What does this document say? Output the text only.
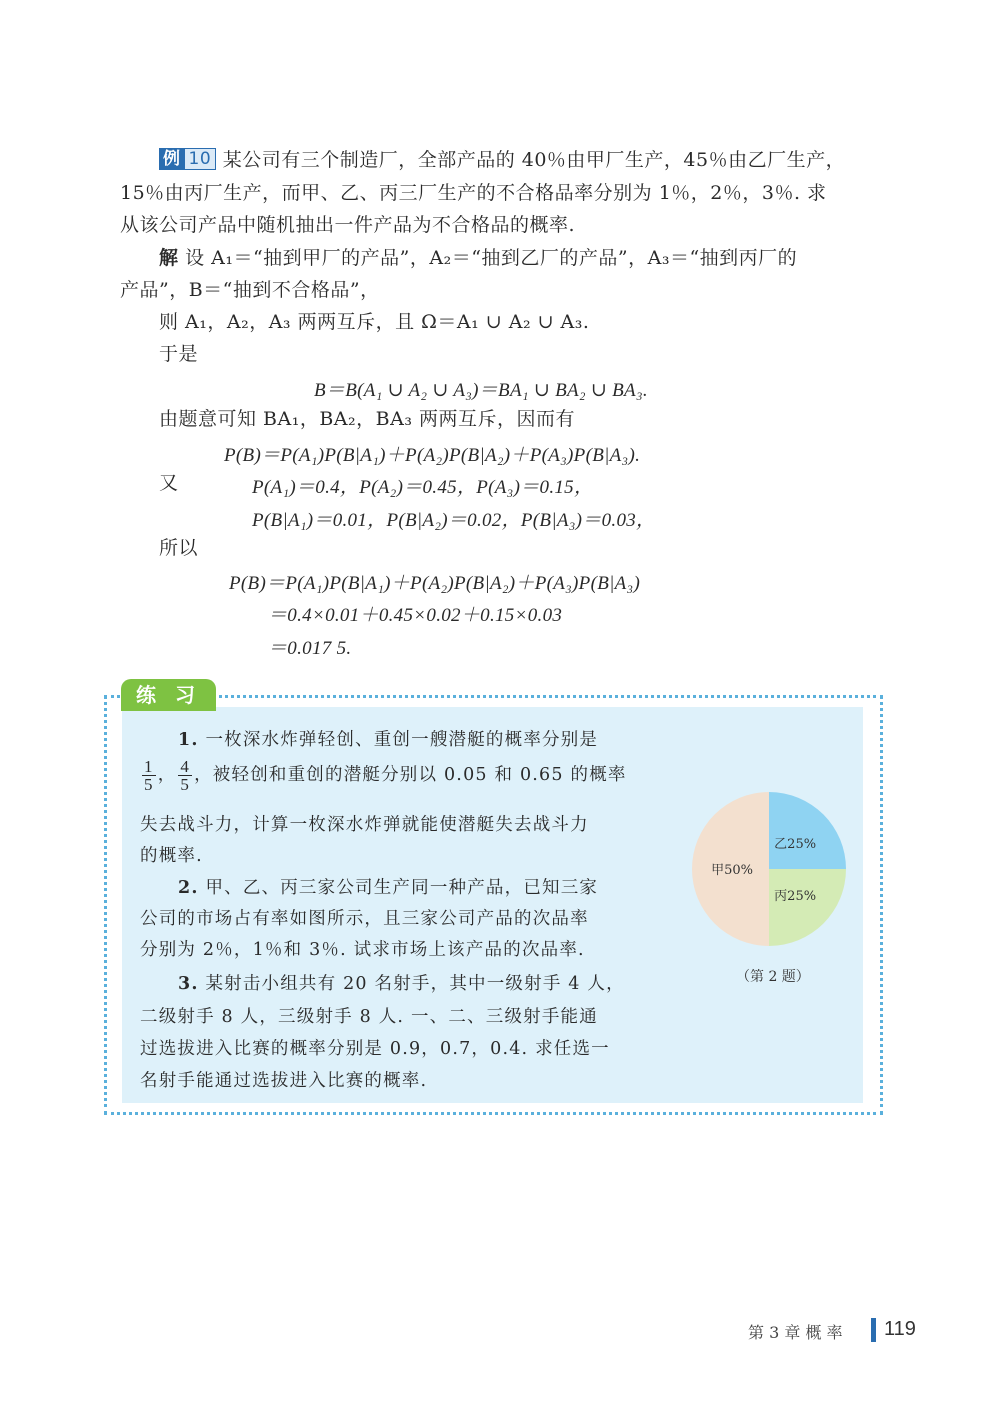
例 10 某公司有三个制造厂，全部产品的 40％由甲厂生产，45％由乙厂生产，
15％由丙厂生产，而甲、乙、丙三厂生产的不合格品率分别为 1％，2％，3％. 求
从该公司产品中随机抽出一件产品为不合格品的概率.
解 设 A₁＝“抽到甲厂的产品”，A₂＝“抽到乙厂的产品”，A₃＝“抽到丙厂的
产品”，B＝“抽到不合格品”，
则 A₁，A₂，A₃ 两两互斥，且 Ω＝A₁ ∪ A₂ ∪ A₃.
于是
B＝B(A₁ ∪ A₂ ∪ A₃)＝BA₁ ∪ BA₂ ∪ BA₃.
由题意可知 BA₁，BA₂，BA₃ 两两互斥，因而有
P(B)＝P(A₁)P(B|A₁)＋P(A₂)P(B|A₂)＋P(A₃)P(B|A₃).
又	P(A₁)＝0.4，P(A₂)＝0.45，P(A₃)＝0.15，
P(B|A₁)＝0.01，P(B|A₂)＝0.02，P(B|A₃)＝0.03，
所以
P(B)＝P(A₁)P(B|A₁)＋P(A₂)P(B|A₂)＋P(A₃)P(B|A₃)
＝0.4×0.01＋0.45×0.02＋0.15×0.03
＝0.017 5.
练 习
1. 一枚深水炸弹轻创、重创一艘潜艇的概率分别是
$\frac{1}{5}$ ， $\frac{4}{5}$ ，被轻创和重创的潜艇分别以 0.05 和 0.65 的概率
失去战斗力，计算一枚深水炸弹就能使潜艇失去战斗力
的概率.
2. 甲、乙、丙三家公司生产同一种产品，已知三家
公司的市场占有率如图所示，且三家公司产品的次品率
分别为 2％，1％和 3％. 试求市场上该产品的次品率.
3. 某射击小组共有 20 名射手，其中一级射手 4 人，
二级射手 8 人，三级射手 8 人. 一、二、三级射手能通
过选拔进入比赛的概率分别是 0.9，0.7，0.4. 求任选一
名射手能通过选拔进入比赛的概率.
乙25%
丙25%
甲50%
（第 2 题）
第 3 章 概 率 119
